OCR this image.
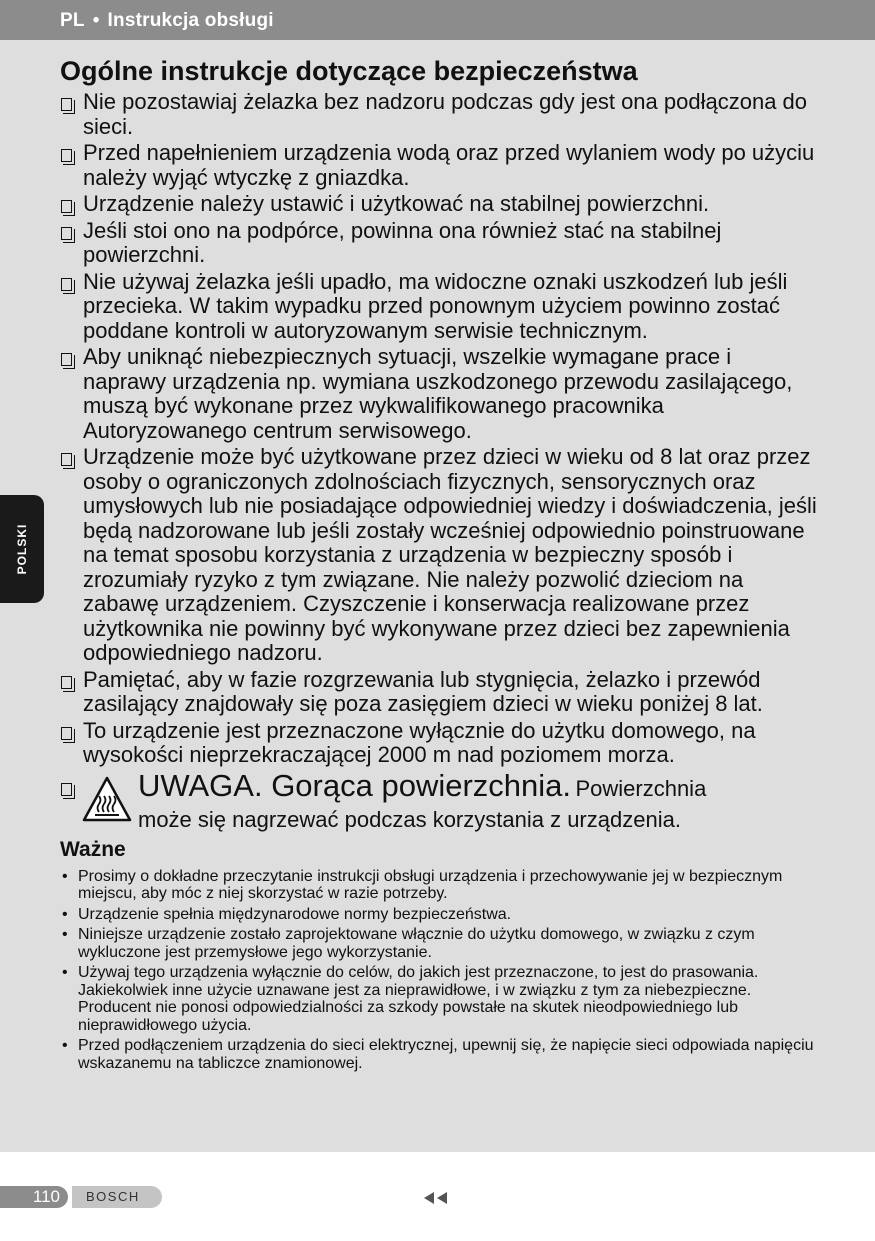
PL • Instrukcja obsługi
POLSKI
Ogólne instrukcje dotyczące bezpieczeństwa
Nie pozostawiaj żelazka bez nadzoru podczas gdy jest ona podłączona do sieci.
Przed napełnieniem urządzenia wodą oraz przed wylaniem wody po użyciu należy wyjąć wtyczkę z gniazdka.
Urządzenie należy ustawić i użytkować na stabilnej powierzchni.
Jeśli stoi ono na podpórce, powinna ona również stać na stabilnej powierzchni.
Nie używaj żelazka jeśli upadło, ma widoczne oznaki uszkodzeń lub jeśli przecieka. W takim wypadku przed ponownym użyciem powinno zostać poddane kontroli w autoryzowanym serwisie technicznym.
Aby uniknąć niebezpiecznych sytuacji, wszelkie wymagane prace i naprawy urządzenia np. wymiana uszkodzonego przewodu zasilającego, muszą być wykonane przez wykwalifikowanego pracownika Autoryzowanego centrum serwisowego.
Urządzenie może być użytkowane przez dzieci w wieku od 8 lat oraz przez osoby o ograniczonych zdolnościach fizycznych, sensorycznych oraz umysłowych lub nie posiadające odpowiedniej wiedzy i doświadczenia, jeśli będą nadzorowane lub jeśli zostały wcześniej odpowiednio poinstruowane na temat sposobu korzystania z urządzenia w bezpieczny sposób i zrozumiały ryzyko z tym związane. Nie należy pozwolić dzieciom na zabawę urządzeniem. Czyszczenie i konserwacja realizowane przez użytkownika nie powinny być wykonywane przez dzieci bez zapewnienia odpowiedniego nadzoru.
Pamiętać, aby w fazie rozgrzewania lub stygnięcia, żelazko i przewód zasilający znajdowały się poza zasięgiem dzieci w wieku poniżej 8 lat.
To urządzenie jest przeznaczone wyłącznie do użytku domowego, na wysokości nieprzekraczającej 2000 m nad poziomem morza.
UWAGA. Gorąca powierzchnia. Powierzchnia
może się nagrzewać podczas korzystania z urządzenia.
Ważne
• Prosimy o dokładne przeczytanie instrukcji obsługi urządzenia i przechowywanie jej w bezpiecznym miejscu, aby móc z niej skorzystać w razie potrzeby.
• Urządzenie spełnia międzynarodowe normy bezpieczeństwa.
• Niniejsze urządzenie zostało zaprojektowane włącznie do użytku domowego, w związku z czym wykluczone jest przemysłowe jego wykorzystanie.
• Używaj tego urządzenia wyłącznie do celów, do jakich jest przeznaczone, to jest do prasowania. Jakiekolwiek inne użycie uznawane jest za nieprawidłowe, i w związku z tym za niebezpieczne. Producent nie ponosi odpowiedzialności za szkody powstałe na skutek nieodpowiedniego lub nieprawidłowego użycia.
• Przed podłączeniem urządzenia do sieci elektrycznej, upewnij się, że napięcie sieci odpowiada napięciu wskazanemu na tabliczce znamionowej.
110	BOSCH
